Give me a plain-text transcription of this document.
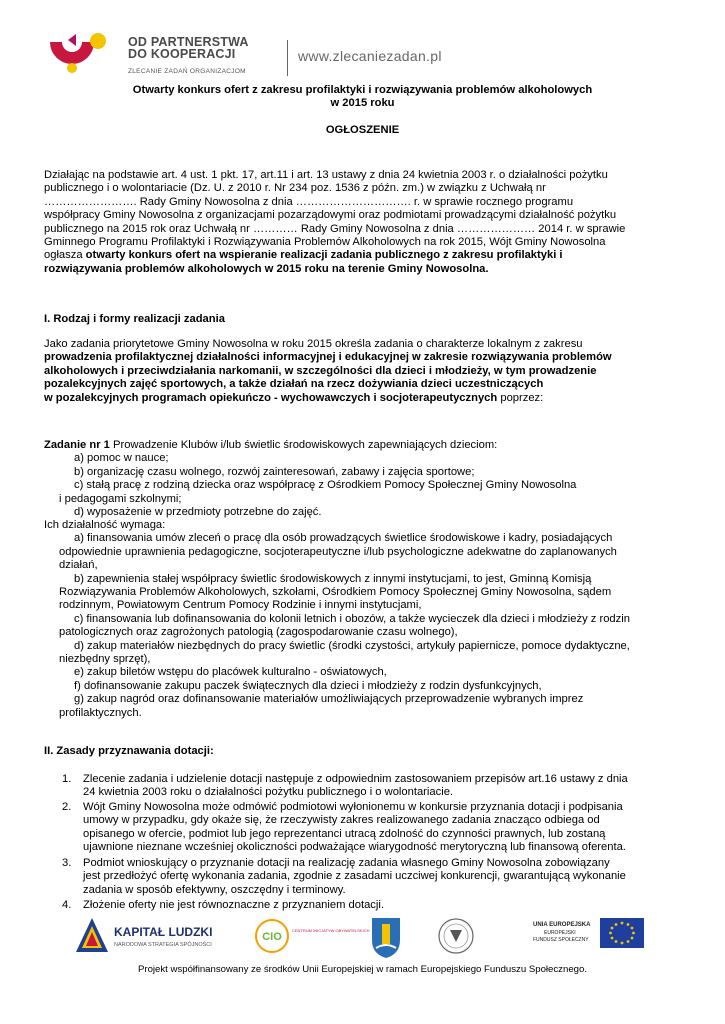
OD PARTNERSTWA
DO KOOPERACJI
ZLECANIE ZADAŃ ORGANIZACJOM
www.zlecaniezadan.pl
Otwarty konkurs ofert z zakresu profilaktyki i rozwiązywania problemów alkoholowych
w 2015 roku
OGŁOSZENIE
Działając na podstawie art. 4 ust. 1 pkt. 17, art.11 i art. 13 ustawy z dnia 24 kwietnia 2003 r. o działalności pożytku
publicznego i o wolontariacie (Dz. U. z 2010 r. Nr 234 poz. 1536 z późn. zm.) w związku z Uchwałą nr
……………………. Rady Gminy Nowosolna z dnia …………………………. r. w sprawie rocznego programu
współpracy Gminy Nowosolna z organizacjami pozarządowymi oraz podmiotami prowadzącymi działalność pożytku
publicznego na 2015 rok oraz Uchwałą nr ………… Rady Gminy Nowosolna z dnia ………………… 2014 r. w sprawie
Gminnego Programu Profilaktyki i Rozwiązywania Problemów Alkoholowych na rok 2015, Wójt Gminy Nowosolna
ogłasza otwarty konkurs ofert na wspieranie realizacji zadania publicznego z zakresu profilaktyki i
rozwiązywania problemów alkoholowych w 2015 roku na terenie Gminy Nowosolna.
I. Rodzaj i formy realizacji zadania
Jako zadania priorytetowe Gminy Nowosolna w roku 2015 określa zadania o charakterze lokalnym z zakresu
prowadzenia profilaktycznej działalności informacyjnej i edukacyjnej w zakresie rozwiązywania problemów
alkoholowych i przeciwdziałania narkomanii, w szczególności dla dzieci i młodzieży, w tym prowadzenie
pozalekcyjnych zajęć sportowych, a także działań na rzecz dożywiania dzieci uczestniczących
w pozalekcyjnych programach opiekuńczo - wychowawczych i socjoterapeutycznych poprzez:
Zadanie nr 1 Prowadzenie Klubów i/lub świetlic środowiskowych zapewniających dzieciom:
a) pomoc w nauce;
b) organizację czasu wolnego, rozwój zainteresowań, zabawy i zajęcia sportowe;
c) stałą pracę z rodziną dziecka oraz współpracę z Ośrodkiem Pomocy Społecznej Gminy Nowosolna
i pedagogami szkolnymi;
d) wyposażenie w przedmioty potrzebne do zajęć.
Ich działalność wymaga:
a) finansowania umów zleceń o pracę dla osób prowadzących świetlice środowiskowe i kadry, posiadających
odpowiednie uprawnienia pedagogiczne, socjoterapeutyczne i/lub psychologiczne adekwatne do zaplanowanych
działań,
b) zapewnienia stałej współpracy świetlic środowiskowych z innymi instytucjami, to jest, Gminną Komisją
Rozwiązywania Problemów Alkoholowych, szkołami, Ośrodkiem Pomocy Społecznej Gminy Nowosolna, sądem
rodzinnym, Powiatowym Centrum Pomocy Rodzinie i innymi instytucjami,
c) finansowania lub dofinansowania do kolonii letnich i obozów, a także wycieczek dla dzieci i młodzieży z rodzin
patologicznych oraz zagrożonych patologią (zagospodarowanie czasu wolnego),
d) zakup materiałów niezbędnych do pracy świetlic (środki czystości, artykuły papiernicze, pomoce dydaktyczne,
niezbędny sprzęt),
e) zakup biletów wstępu do placówek kulturalno - oświatowych,
f) dofinansowanie zakupu paczek świątecznych dla dzieci i młodzieży z rodzin dysfunkcyjnych,
g) zakup nagród oraz dofinansowanie materiałów umożliwiających przeprowadzenie wybranych imprez
profilaktycznych.
II. Zasady przyznawania dotacji:
1. Zlecenie zadania i udzielenie dotacji następuje z odpowiednim zastosowaniem przepisów art.16 ustawy z dnia
24 kwietnia 2003 roku o działalności pożytku publicznego i o wolontariacie.
2. Wójt Gminy Nowosolna może odmówić podmiotowi wyłonionemu w konkursie przyznania dotacji i podpisania
umowy w przypadku, gdy okaże się, że rzeczywisty zakres realizowanego zadania znacząco odbiega od
opisanego w ofercie, podmiot lub jego reprezentanci utracą zdolność do czynności prawnych, lub zostaną
ujawnione nieznane wcześniej okoliczności podważające wiarygodność merytoryczną lub finansową oferenta.
3. Podmiot wnioskujący o przyznanie dotacji na realizację zadania własnego Gminy Nowosolna zobowiązany
jest przedłożyć ofertę wykonania zadania, zgodnie z zasadami uczciwej konkurencji, gwarantującą wykonanie
zadania w sposób efektywny, oszczędny i terminowy.
4. Złożenie oferty nie jest równoznaczne z przyznaniem dotacji.
KAPITAŁ LUDZKI
NARODOWA STRATEGIA SPÓJNOŚCI
CIO
CENTRUM INICJATYW OBYWATELSKICH
UNIA EUROPEJSKA
EUROPEJSKI
FUNDUSZ SPOŁECZNY
Projekt współfinansowany ze środków Unii Europejskiej w ramach Europejskiego Funduszu Społecznego.
